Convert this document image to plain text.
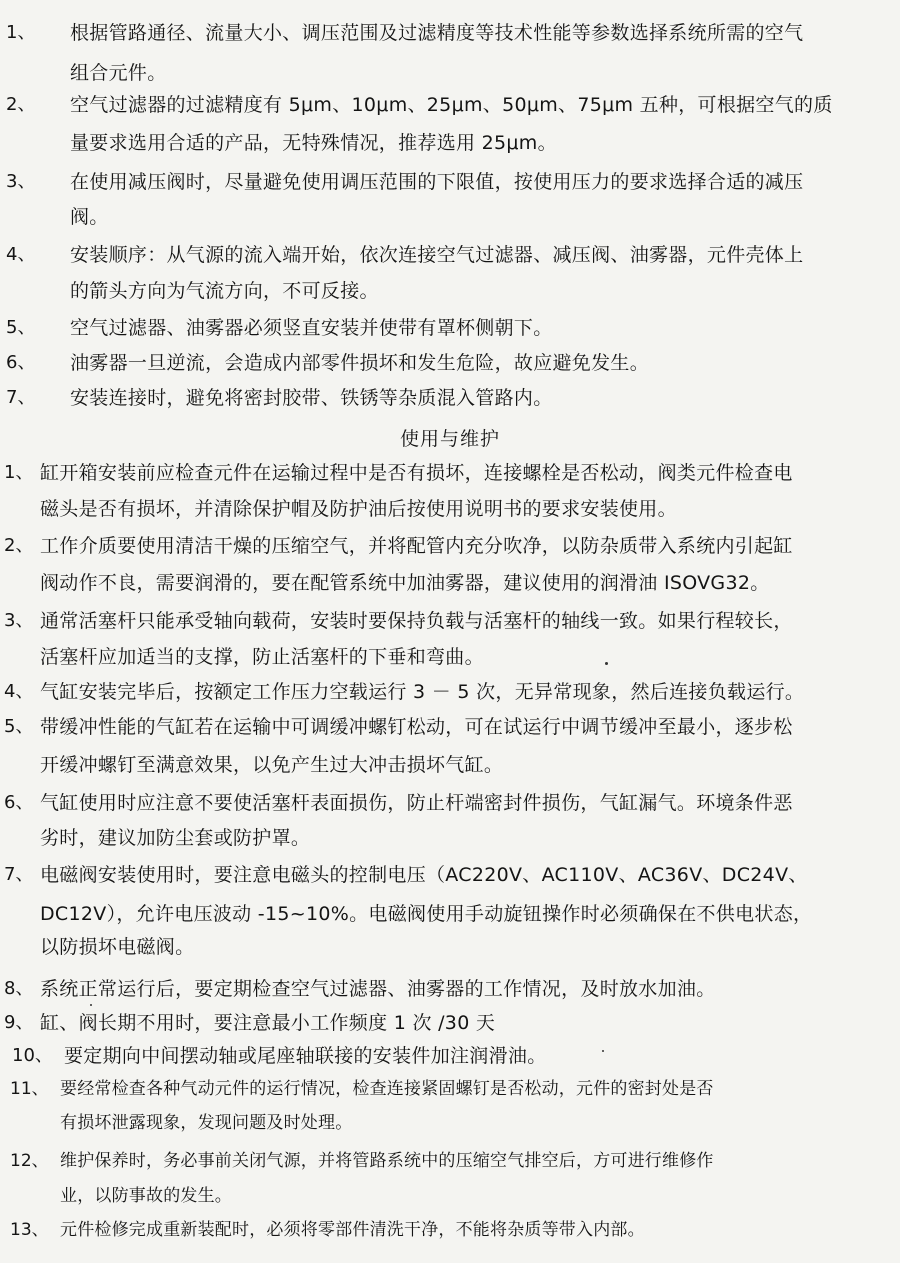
1、 根据管路通径、流量大小、调压范围及过滤精度等技术性能等参数选择系统所需的空气
组合元件。
2、 空气过滤器的过滤精度有 5μm、10μm、25μm、50μm、75μm 五种，可根据空气的质
量要求选用合适的产品，无特殊情况，推荐选用 25μm。
3、 在使用减压阀时，尽量避免使用调压范围的下限值，按使用压力的要求选择合适的减压
阀。
4、 安装顺序：从气源的流入端开始，依次连接空气过滤器、减压阀、油雾器，元件壳体上
的箭头方向为气流方向，不可反接。
5、 空气过滤器、油雾器必须竖直安装并使带有罩杯侧朝下。
6、 油雾器一旦逆流，会造成内部零件损坏和发生危险，故应避免发生。
7、 安装连接时，避免将密封胶带、铁锈等杂质混入管路内。
使用与维护
1、 缸开箱安装前应检查元件在运输过程中是否有损坏，连接螺栓是否松动，阀类元件检查电
磁头是否有损坏，并清除保护帽及防护油后按使用说明书的要求安装使用。
2、 工作介质要使用清洁干燥的压缩空气，并将配管内充分吹净，以防杂质带入系统内引起缸
阀动作不良，需要润滑的，要在配管系统中加油雾器，建议使用的润滑油 ISOVG32。
3、 通常活塞杆只能承受轴向载荷，安装时要保持负载与活塞杆的轴线一致。如果行程较长，
活塞杆应加适当的支撑，防止活塞杆的下垂和弯曲。
4、 气缸安装完毕后，按额定工作压力空载运行 3 － 5 次，无异常现象，然后连接负载运行。
5、 带缓冲性能的气缸若在运输中可调缓冲螺钉松动，可在试运行中调节缓冲至最小，逐步松
开缓冲螺钉至满意效果，以免产生过大冲击损坏气缸。
6、 气缸使用时应注意不要使活塞杆表面损伤，防止杆端密封件损伤，气缸漏气。环境条件恶
劣时，建议加防尘套或防护罩。
7、 电磁阀安装使用时，要注意电磁头的控制电压（AC220V、AC110V、AC36V、DC24V、
DC12V），允许电压波动 -15~10%。电磁阀使用手动旋钮操作时必须确保在不供电状态，
以防损坏电磁阀。
8、 系统正常运行后，要定期检查空气过滤器、油雾器的工作情况，及时放水加油。
9、 缸、阀长期不用时，要注意最小工作频度 1 次 /30 天
10、 要定期向中间摆动轴或尾座轴联接的安装件加注润滑油。
11、 要经常检查各种气动元件的运行情况，检查连接紧固螺钉是否松动，元件的密封处是否
有损坏泄露现象，发现问题及时处理。
12、 维护保养时，务必事前关闭气源，并将管路系统中的压缩空气排空后，方可进行维修作
业，以防事故的发生。
13、 元件检修完成重新装配时，必须将零部件清洗干净，不能将杂质等带入内部。
